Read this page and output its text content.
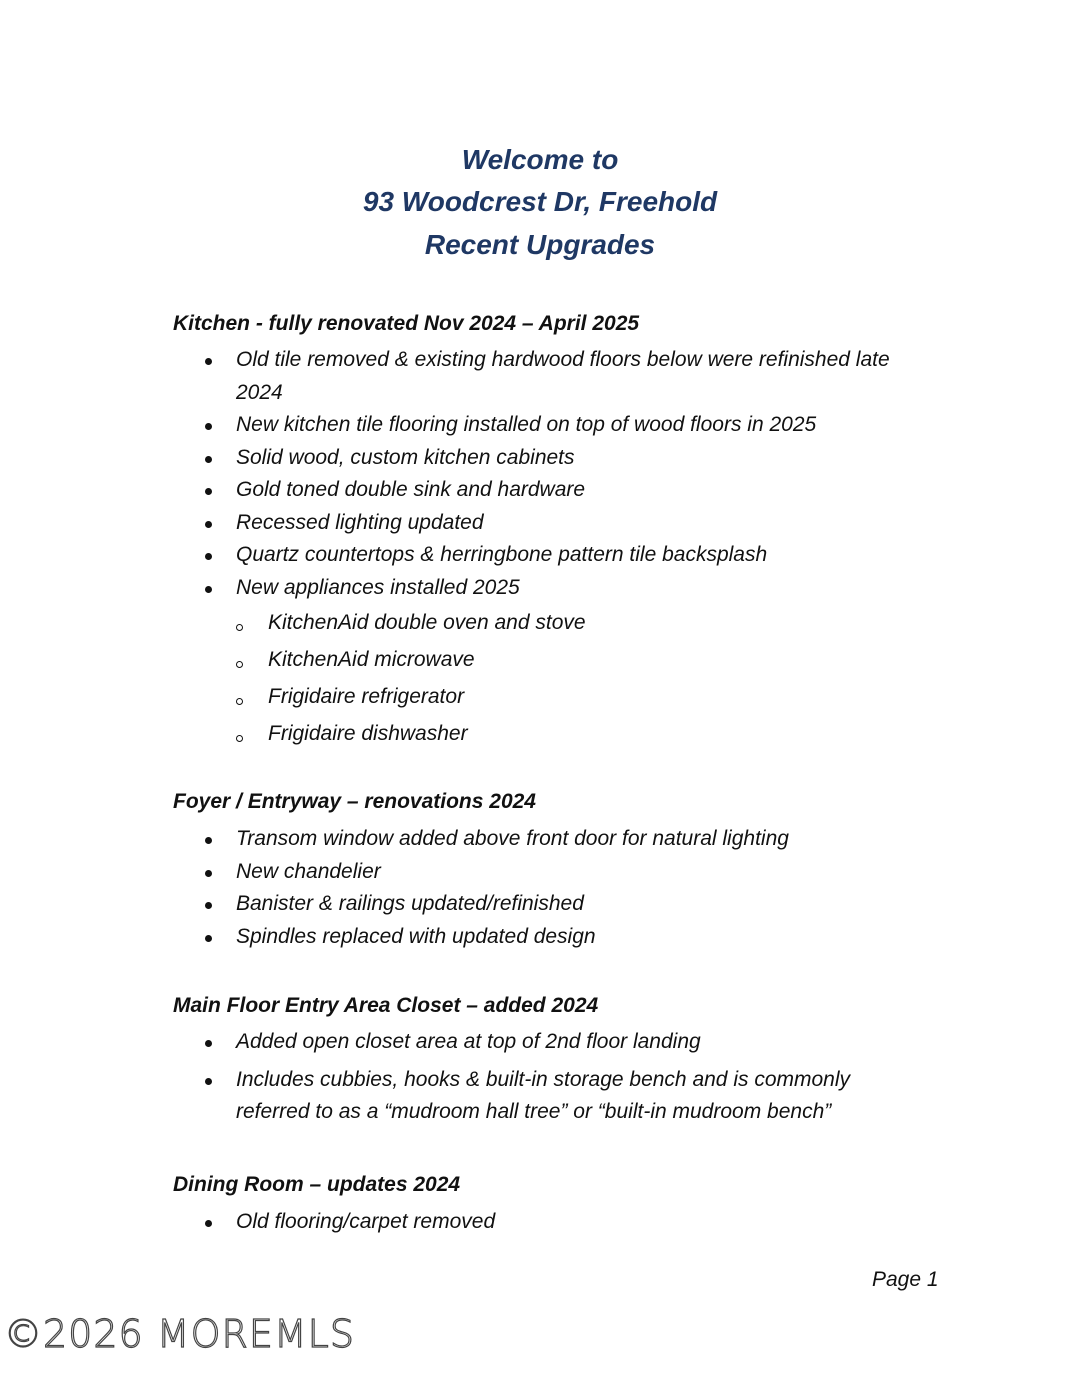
Welcome to
93 Woodcrest Dr, Freehold
Recent Upgrades
Kitchen - fully renovated Nov 2024 – April 2025
Old tile removed & existing hardwood floors below were refinished late 2024
New kitchen tile flooring installed on top of wood floors in 2025
Solid wood, custom kitchen cabinets
Gold toned double sink and hardware
Recessed lighting updated
Quartz countertops & herringbone pattern tile backsplash
New appliances installed 2025
KitchenAid double oven and stove
KitchenAid microwave
Frigidaire refrigerator
Frigidaire dishwasher
Foyer / Entryway – renovations 2024
Transom window added above front door for natural lighting
New chandelier
Banister & railings updated/refinished
Spindles replaced with updated design
Main Floor Entry Area Closet – added 2024
Added open closet area at top of 2nd floor landing
Includes cubbies, hooks & built-in storage bench and is commonly referred to as a “mudroom hall tree” or “built-in mudroom bench”
Dining Room – updates 2024
Old flooring/carpet removed
Page 1
©2026 MOREMLS
